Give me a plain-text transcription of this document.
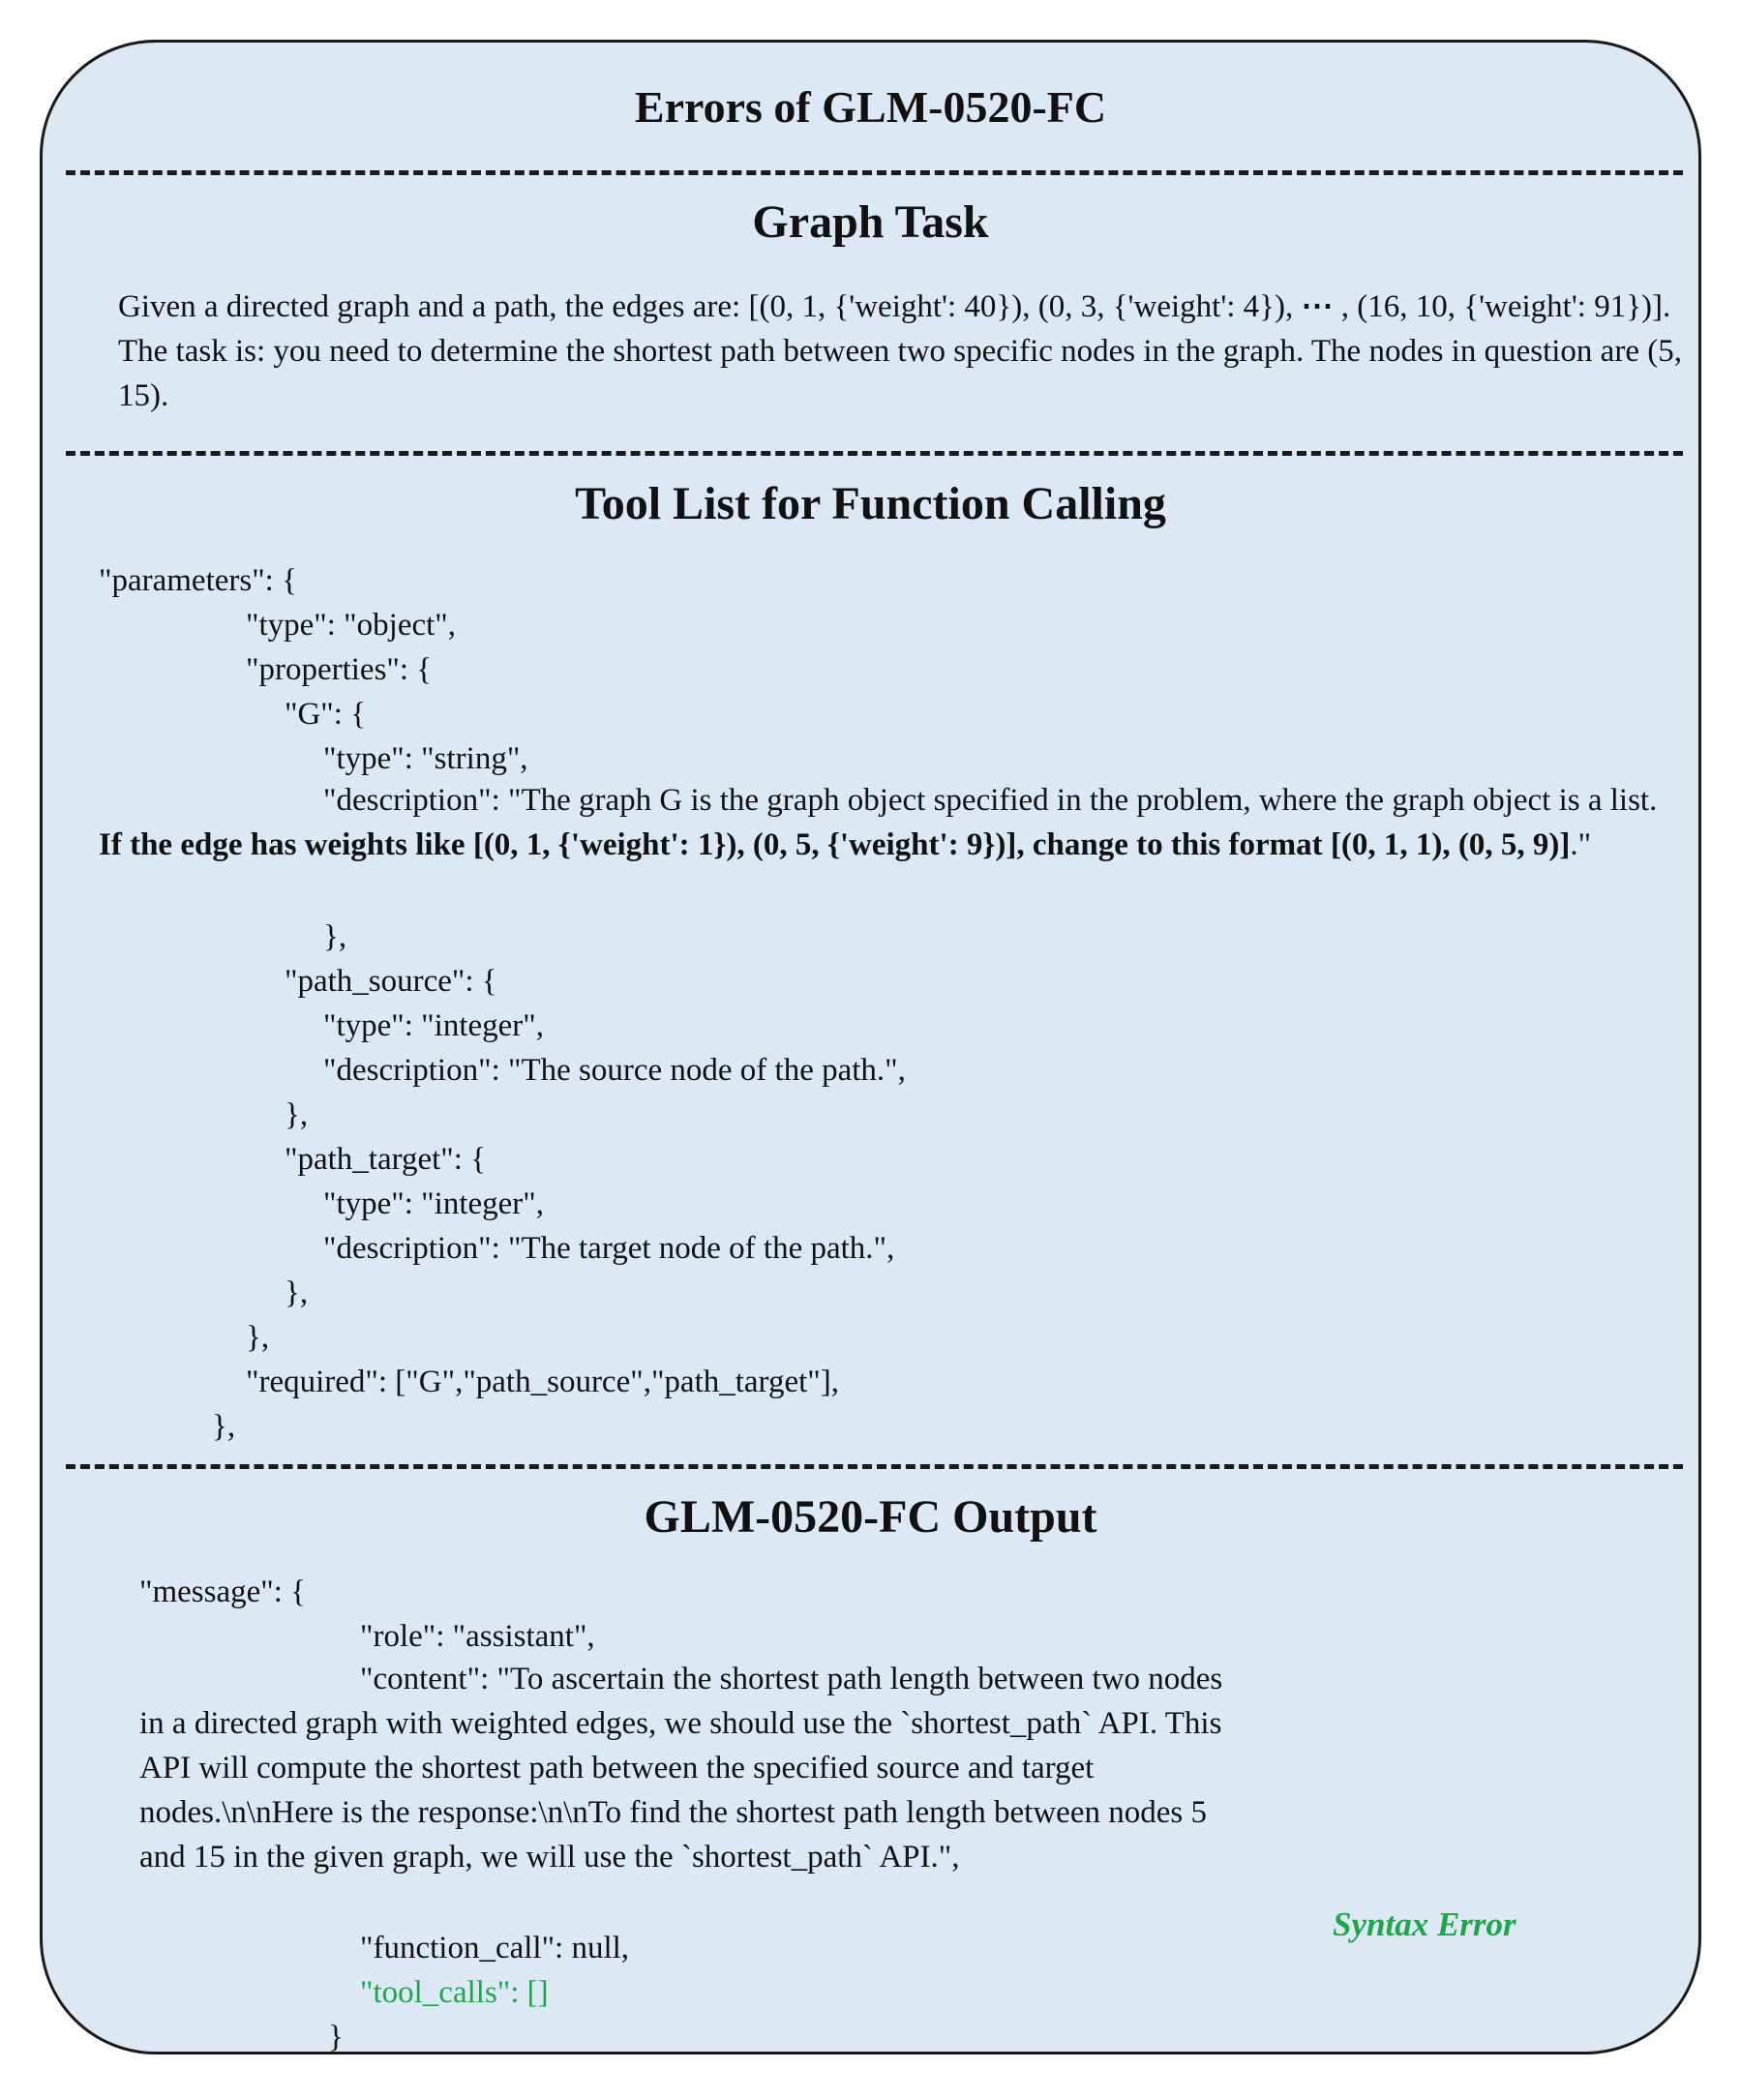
Errors of GLM-0520-FC
Graph Task
Given a directed graph and a path, the edges are: [(0, 1, {'weight': 40}), (0, 3, {'weight': 4}), ⋯ , (16, 10, {'weight': 91})]. The task is: you need to determine the shortest path between two specific nodes in the graph. The nodes in question are (5, 15).
Tool List for Function Calling
"parameters": {
"type": "object",
"properties": {
"G": {
"type": "string",
"description": "The graph G is the graph object specified in the problem, where the graph object is a list. If the edge has weights like [(0, 1, {'weight': 1}), (0, 5, {'weight': 9})], change to this format [(0, 1, 1), (0, 5, 9)]."
},
"path_source": {
"type": "integer",
"description": "The source node of the path.",
},
"path_target": {
"type": "integer",
"description": "The target node of the path.",
},
},
"required": ["G","path_source","path_target"],
},
GLM-0520-FC Output
"message": {
"role": "assistant",
"content": "To ascertain the shortest path length between two nodes in a directed graph with weighted edges, we should use the `shortest_path` API. This API will compute the shortest path between the specified source and target nodes.\n\nHere is the response:\n\nTo find the shortest path length between nodes 5 and 15 in the given graph, we will use the `shortest_path` API.",
"function_call": null,
"tool_calls": []
}
Syntax Error
